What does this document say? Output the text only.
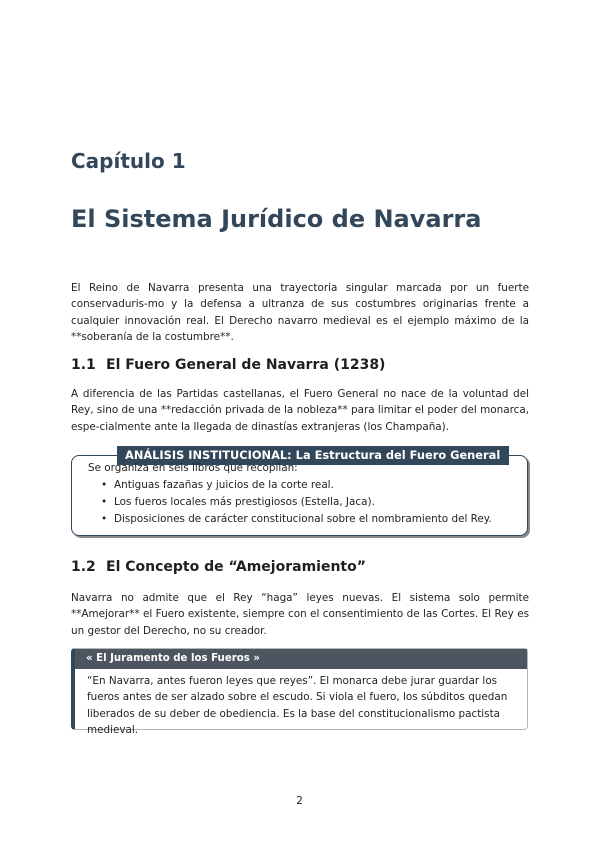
Capítulo 1
El Sistema Jurídico de Navarra

El Reino de Navarra presenta una trayectoria singular marcada por un fuerte conservaduris-mo y la defensa a ultranza de sus costumbres originarias frente a cualquier innovación real. El Derecho navarro medieval es el ejemplo máximo de la **soberanía de la costumbre**.

1.1 El Fuero General de Navarra (1238)

A diferencia de las Partidas castellanas, el Fuero General no nace de la voluntad del Rey, sino de una **redacción privada de la nobleza** para limitar el poder del monarca, espe-cialmente ante la llegada de dinastías extranjeras (los Champaña).

ANÁLISIS INSTITUCIONAL: La Estructura del Fuero General

Se organiza en seis libros que recopilan:

• Antiguas fazañas y juicios de la corte real.
• Los fueros locales más prestigiosos (Estella, Jaca).
• Disposiciones de carácter constitucional sobre el nombramiento del Rey.
1.2 El Concepto de “Amejoramiento”

Navarra no admite que el Rey “haga” leyes nuevas. El sistema solo permite **Amejorar** el Fuero existente, siempre con el consentimiento de las Cortes. El Rey es un gestor del Derecho, no su creador.

« El Juramento de los Fueros »

“En Navarra, antes fueron leyes que reyes”. El monarca debe jurar guardar los fueros antes de ser alzado sobre el escudo. Si viola el fuero, los súbditos quedan liberados de su deber de obediencia. Es la base del constitucionalismo pactista medieval.

2
